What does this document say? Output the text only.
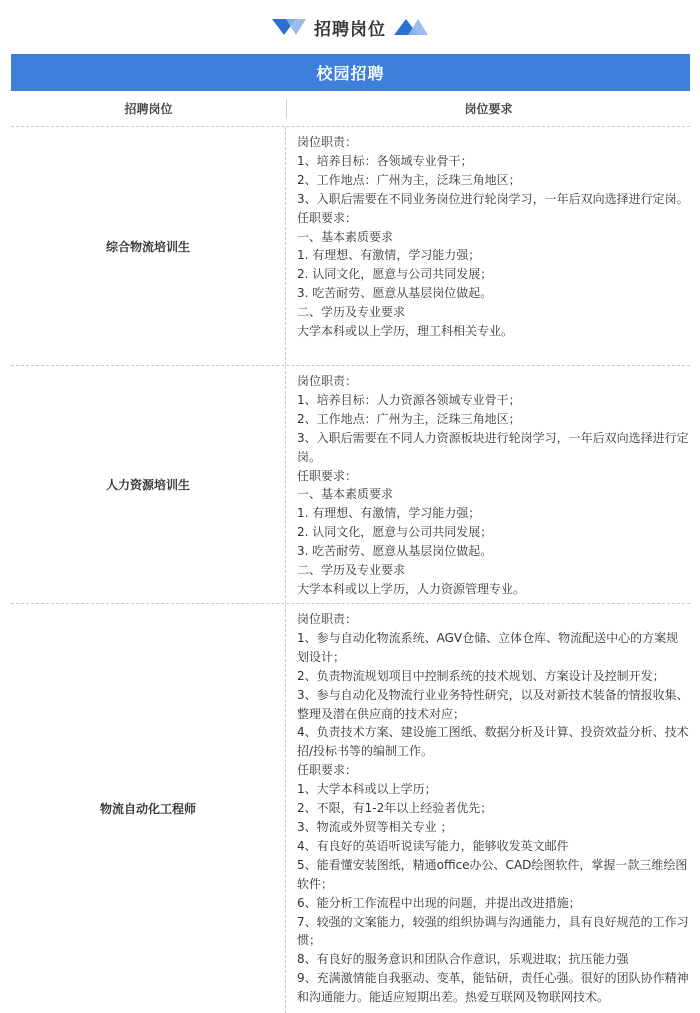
招聘岗位
校园招聘
招聘岗位	岗位要求
综合物流培训生
岗位职责：
1、培养目标：各领域专业骨干；
2、工作地点：广州为主，泛珠三角地区；
3、入职后需要在不同业务岗位进行轮岗学习，一年后双向选择进行定岗。
任职要求：
一、基本素质要求
1. 有理想、有激情，学习能力强；
2. 认同文化，愿意与公司共同发展；
3. 吃苦耐劳、愿意从基层岗位做起。
二、学历及专业要求
大学本科或以上学历，理工科相关专业。
人力资源培训生
岗位职责：
1、培养目标：人力资源各领域专业骨干；
2、工作地点：广州为主，泛珠三角地区；
3、入职后需要在不同人力资源板块进行轮岗学习，一年后双向选择进行定岗。
任职要求：
一、基本素质要求
1. 有理想、有激情，学习能力强；
2. 认同文化，愿意与公司共同发展；
3. 吃苦耐劳、愿意从基层岗位做起。
二、学历及专业要求
大学本科或以上学历，人力资源管理专业。
物流自动化工程师
岗位职责：
1、参与自动化物流系统、AGV仓储、立体仓库、物流配送中心的方案规划设计；
2、负责物流规划项目中控制系统的技术规划、方案设计及控制开发；
3、参与自动化及物流行业业务特性研究，以及对新技术装备的情报收集、整理及潜在供应商的技术对应；
4、负责技术方案、建设施工图纸、数据分析及计算、投资效益分析、技术招/投标书等的编制工作。
任职要求：
1、大学本科或以上学历；
2、不限，有1-2年以上经验者优先；
3、物流或外贸等相关专业 ；
4、有良好的英语听说读写能力，能够收发英文邮件
5、能看懂安装图纸，精通office办公、CAD绘图软件，掌握一款三维绘图软件；
6、能分析工作流程中出现的问题，并提出改进措施；
7、较强的文案能力，较强的组织协调与沟通能力，具有良好规范的工作习惯；
8、有良好的服务意识和团队合作意识，乐观进取；抗压能力强
9、充满激情能自我驱动、变革，能钻研，责任心强。很好的团队协作精神和沟通能力。能适应短期出差。热爱互联网及物联网技术。
